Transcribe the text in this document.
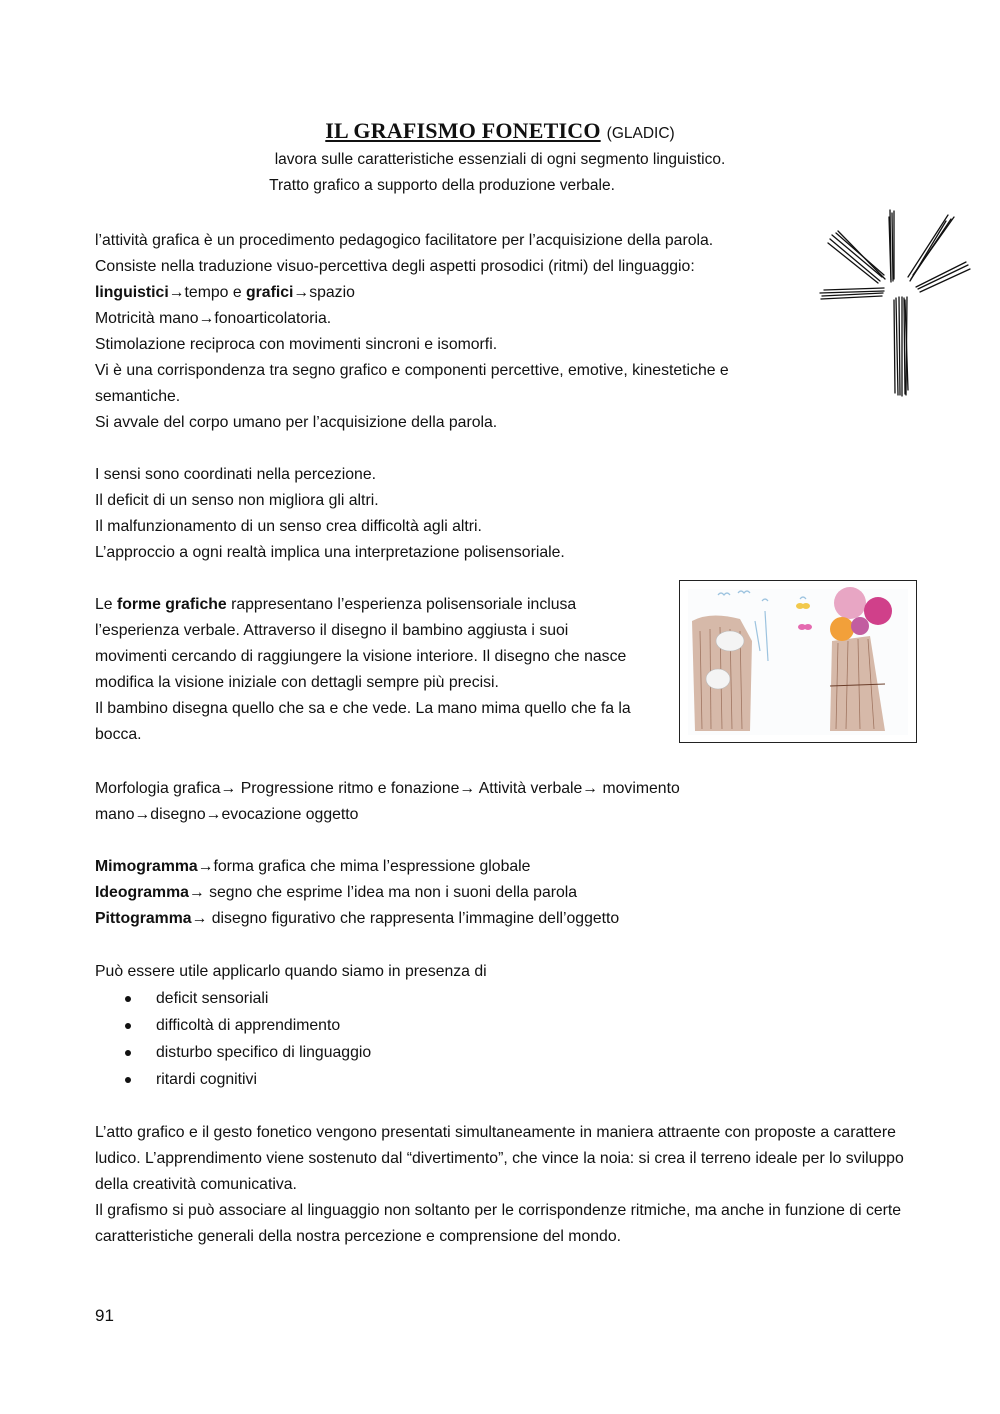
IL GRAFISMO FONETICO (GLADIC)
lavora sulle caratteristiche essenziali di ogni segmento linguistico.
Tratto grafico a supporto della produzione verbale.
l’attività grafica è un procedimento pedagogico facilitatore per l’acquisizione della parola.
Consiste nella traduzione visuo-percettiva degli aspetti prosodici (ritmi) del linguaggio:
linguistici→tempo e grafici→spazio
Motricità mano→fonoarticolatoria.
Stimolazione reciproca con movimenti sincroni e isomorfi.
Vi è una corrispondenza tra segno grafico e componenti percettive, emotive, kinestetiche e
semantiche.
Si avvale del corpo umano per l’acquisizione della parola.
I sensi sono coordinati nella percezione.
Il deficit di un senso non migliora gli altri.
Il malfunzionamento di un senso crea difficoltà agli altri.
L’approccio a ogni realtà implica una interpretazione polisensoriale.
Le forme grafiche rappresentano l’esperienza polisensoriale inclusa
l’esperienza verbale. Attraverso il disegno il bambino aggiusta i suoi
movimenti cercando di raggiungere la visione interiore. Il disegno che nasce
modifica la visione iniziale con dettagli sempre più precisi.
Il bambino disegna quello che sa e che vede. La mano mima quello che fa la
bocca.
Morfologia grafica→ Progressione ritmo e fonazione→ Attività verbale→ movimento
mano→disegno→evocazione oggetto
Mimogramma→forma grafica che mima l’espressione globale
Ideogramma→ segno che esprime l’idea ma non i suoni della parola
Pittogramma→ disegno figurativo che rappresenta l’immagine dell’oggetto
Può essere utile applicarlo quando siamo in presenza di
deficit sensoriali
difficoltà di apprendimento
disturbo specifico di linguaggio
ritardi cognitivi
L’atto grafico e il gesto fonetico vengono presentati simultaneamente in maniera attraente con proposte a carattere ludico. L’apprendimento viene sostenuto dal “divertimento”, che vince la noia: si crea il terreno ideale per lo sviluppo della creatività comunicativa.
Il grafismo si può associare al linguaggio non soltanto per le corrispondenze ritmiche, ma anche in funzione di certe caratteristiche generali della nostra percezione e comprensione del mondo.
91
